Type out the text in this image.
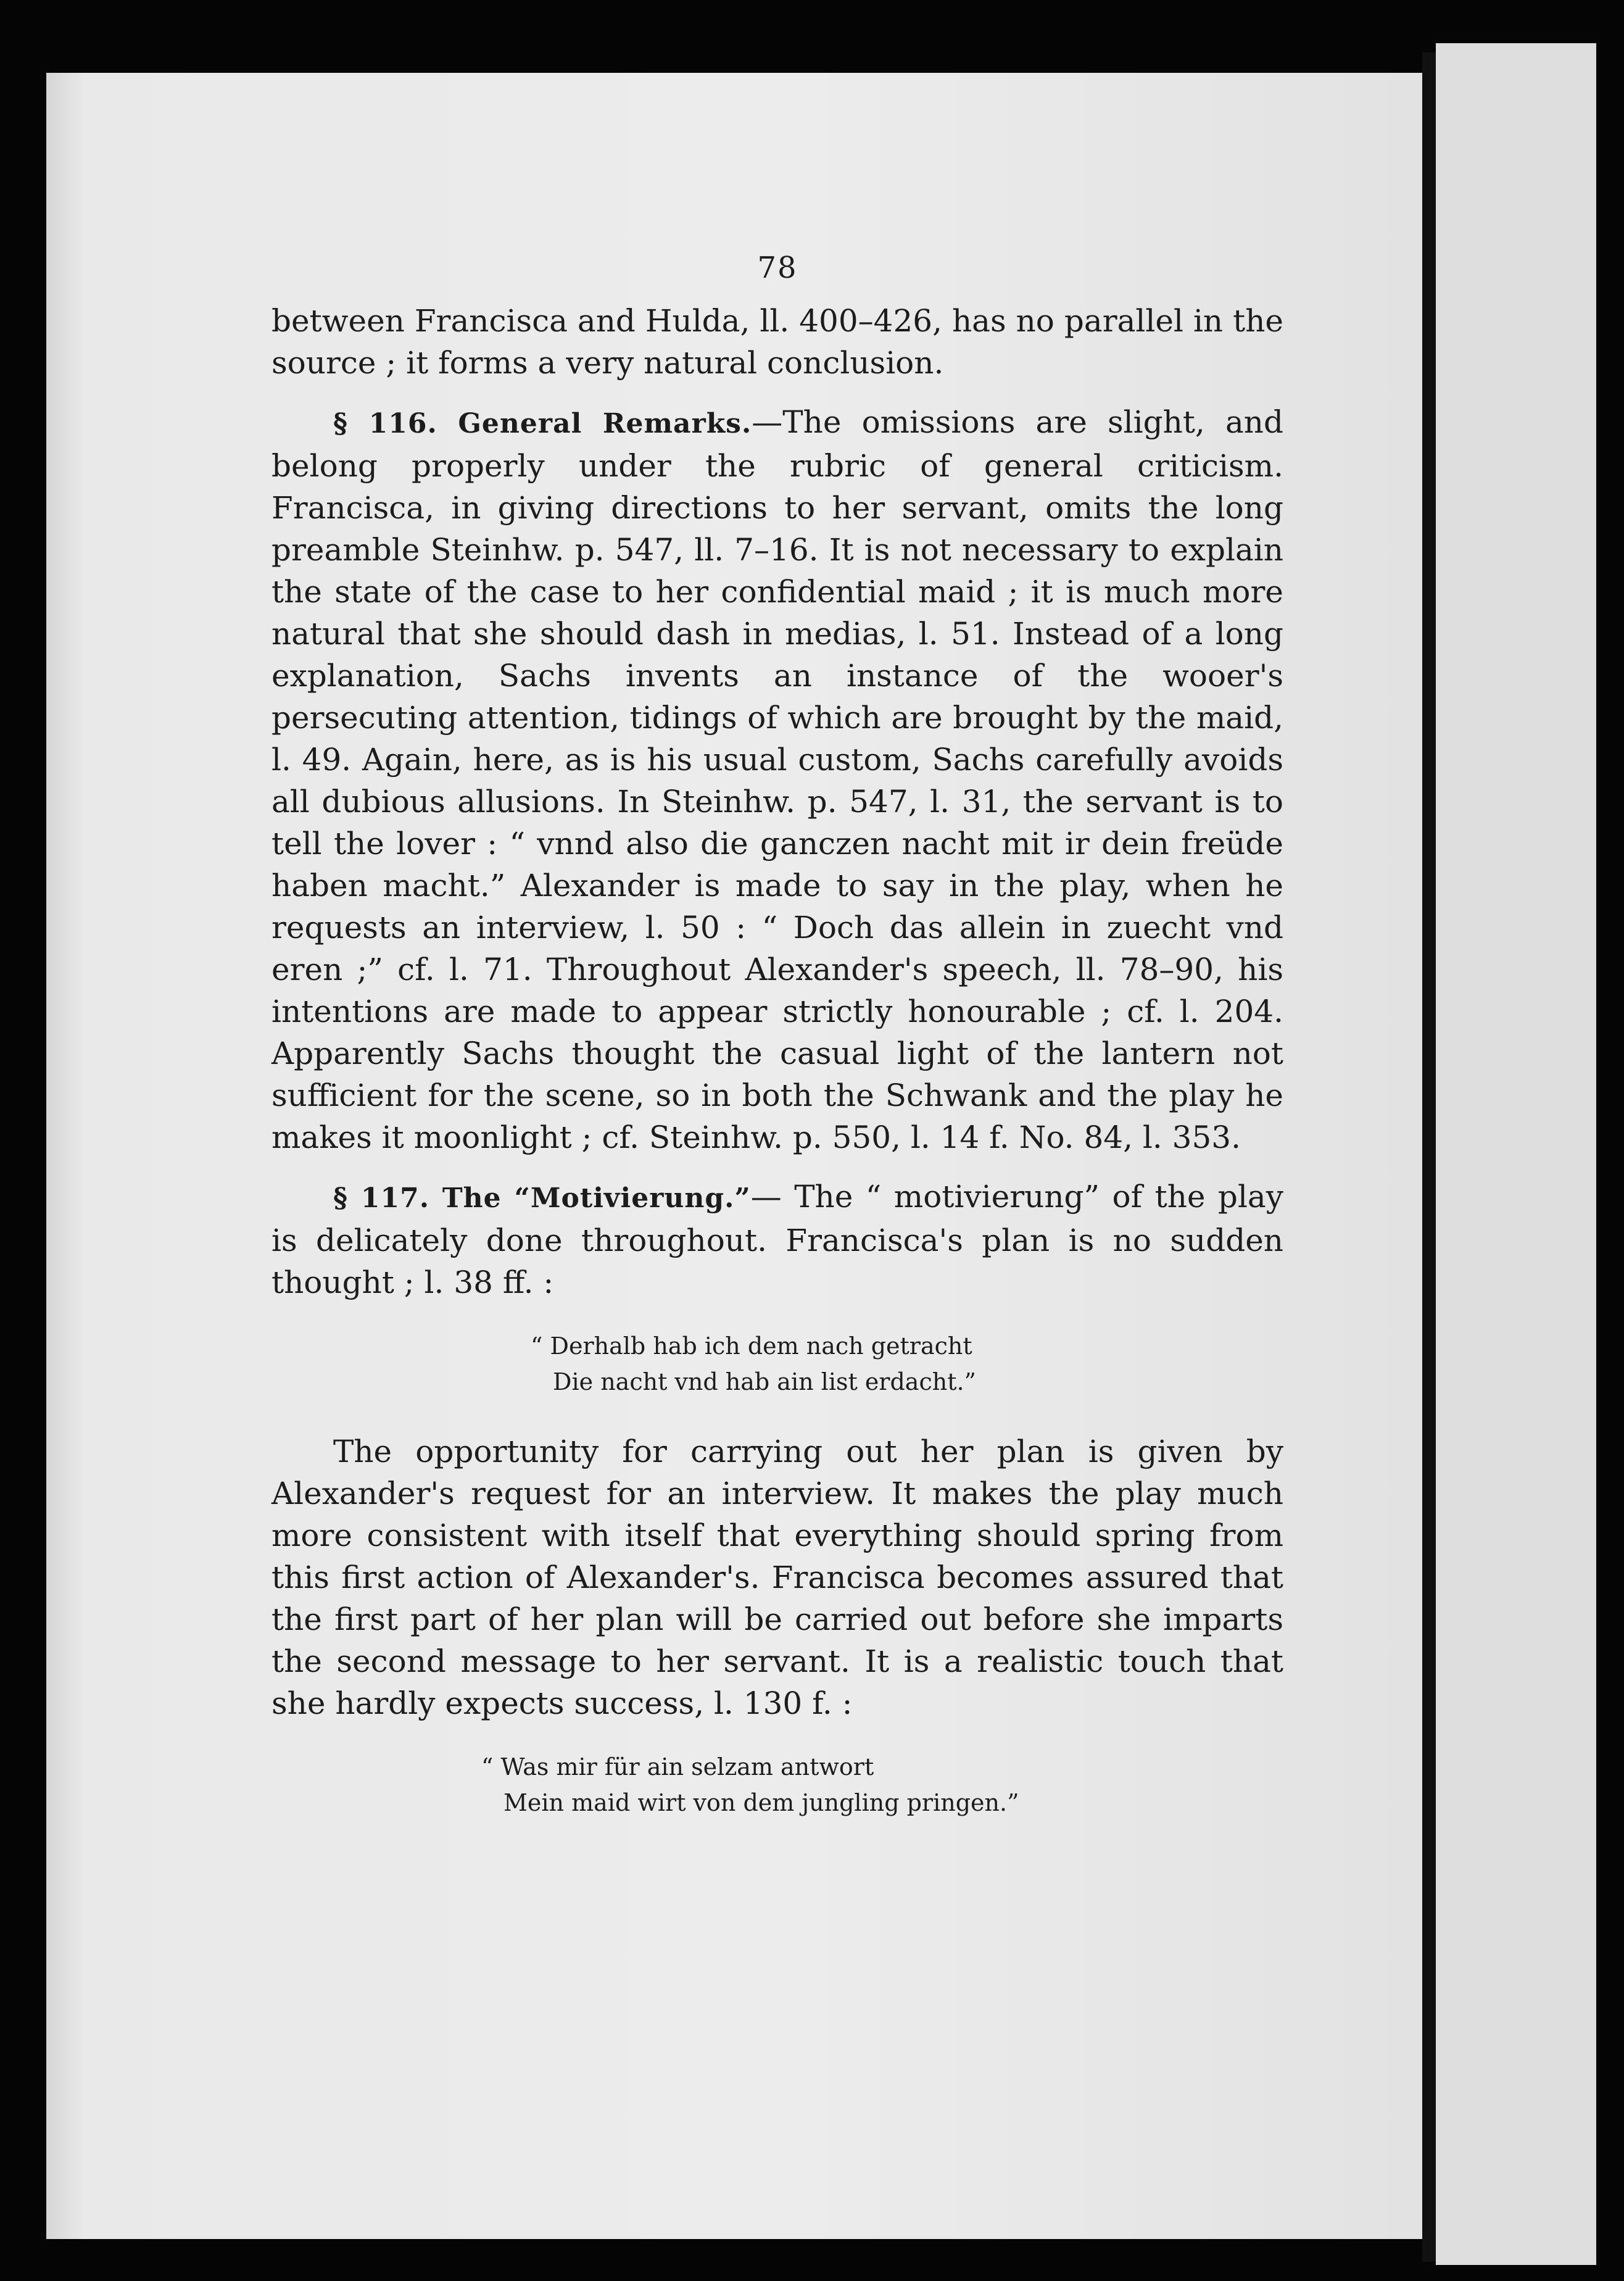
78

between Francisca and Hulda, ll. 400–426, has no parallel in the source ; it forms a very natural conclusion.

§ 116. General Remarks.—The omissions are slight, and belong properly under the rubric of general criticism. Francisca, in giving directions to her servant, omits the long preamble Steinhw. p. 547, ll. 7–16. It is not necessary to explain the state of the case to her confidential maid ; it is much more natural that she should dash in medias, l. 51. Instead of a long explanation, Sachs invents an instance of the wooer's persecuting attention, tidings of which are brought by the maid, l. 49. Again, here, as is his usual custom, Sachs carefully avoids all dubious allusions. In Steinhw. p. 547, l. 31, the servant is to tell the lover : “ vnnd also die ganczen nacht mit ir dein freüde haben macht.” Alexander is made to say in the play, when he requests an interview, l. 50 : “ Doch das allein in zuecht vnd eren ;” cf. l. 71. Throughout Alexander's speech, ll. 78–90, his intentions are made to appear strictly honourable ; cf. l. 204. Apparently Sachs thought the casual light of the lantern not sufficient for the scene, so in both the Schwank and the play he makes it moonlight ; cf. Steinhw. p. 550, l. 14 f. No. 84, l. 353.

§ 117. The “Motivierung.”— The “ motivierung” of the play is delicately done throughout. Francisca's plan is no sudden thought ; l. 38 ff. :

“ Derhalb hab ich dem nach getracht
Die nacht vnd hab ain list erdacht.”

The opportunity for carrying out her plan is given by Alexander's request for an interview. It makes the play much more consistent with itself that everything should spring from this first action of Alexander's. Francisca becomes assured that the first part of her plan will be carried out before she imparts the second message to her servant. It is a realistic touch that she hardly expects success, l. 130 f. :

“ Was mir für ain selzam antwort
Mein maid wirt von dem jungling pringen.”
